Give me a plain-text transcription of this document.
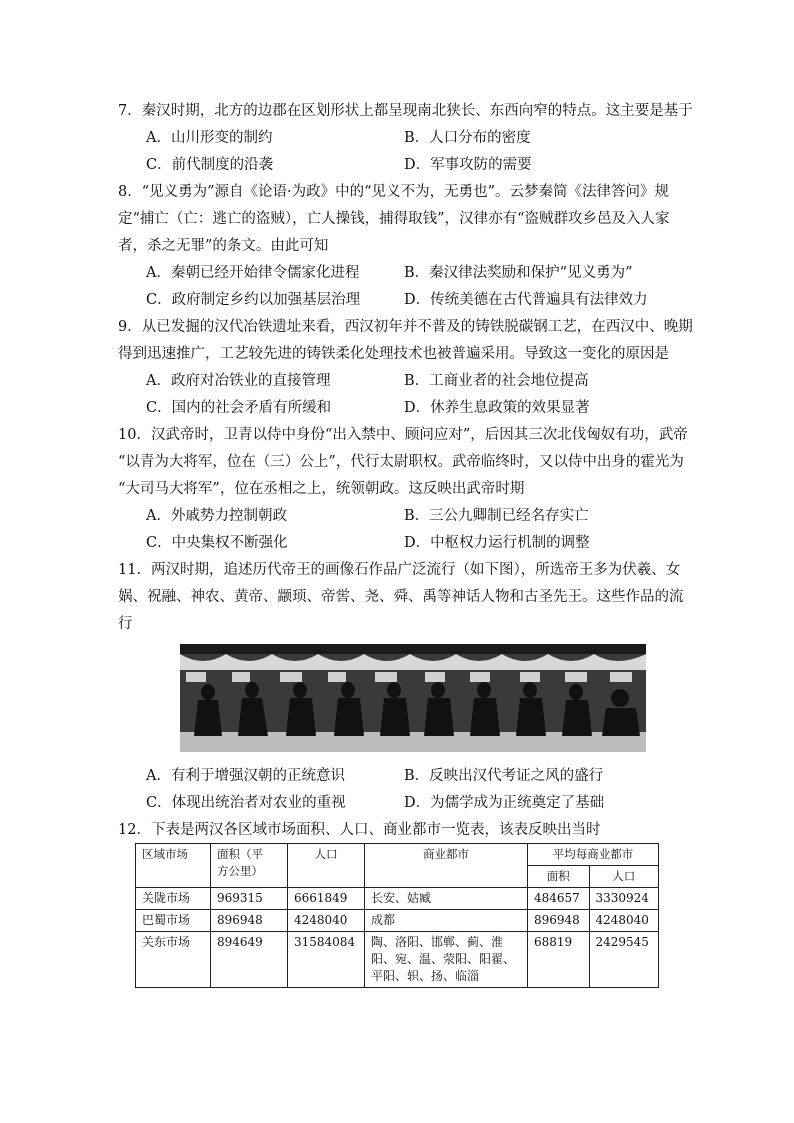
7．秦汉时期，北方的边郡在区划形状上都呈现南北狭长、东西向窄的特点。这主要是基于
A．山川形变的制约	B．人口分布的密度
C．前代制度的沿袭	D．军事攻防的需要
8．“见义勇为”源自《论语·为政》中的“见义不为，无勇也”。云梦秦简《法律答问》规
定“捕亡（亡：逃亡的盗贼），亡人操钱，捕得取钱”，汉律亦有“盗贼群攻乡邑及入人家
者，杀之无罪”的条文。由此可知
A．秦朝已经开始律令儒家化进程	B．秦汉律法奖励和保护“见义勇为”
C．政府制定乡约以加强基层治理	D．传统美德在古代普遍具有法律效力
9．从已发掘的汉代冶铁遗址来看，西汉初年并不普及的铸铁脱碳钢工艺，在西汉中、晚期
得到迅速推广，工艺较先进的铸铁柔化处理技术也被普遍采用。导致这一变化的原因是
A．政府对冶铁业的直接管理	B．工商业者的社会地位提高
C．国内的社会矛盾有所缓和	D．休养生息政策的效果显著
10．汉武帝时，卫青以侍中身份“出入禁中、顾问应对”，后因其三次北伐匈奴有功，武帝
“以青为大将军，位在（三）公上”，代行太尉职权。武帝临终时，又以侍中出身的霍光为
“大司马大将军”，位在丞相之上，统领朝政。这反映出武帝时期
A．外戚势力控制朝政	B．三公九卿制已经名存实亡
C．中央集权不断强化	D．中枢权力运行机制的调整
11．两汉时期，追述历代帝王的画像石作品广泛流行（如下图），所选帝王多为伏羲、女
娲、祝融、神农、黄帝、颛顼、帝喾、尧、舜、禹等神话人物和古圣先王。这些作品的流
行
A．有利于增强汉朝的正统意识	B．反映出汉代考证之风的盛行
C．体现出统治者对农业的重视	D．为儒学成为正统奠定了基础
12．下表是两汉各区域市场面积、人口、商业都市一览表，该表反映出当时
区域市场	面积（平
方公里）	人口	商业都市	平均每商业都市	
				面积	人口
关陇市场	969315	6661849	长安、姑臧	484657	3330924
巴蜀市场	896948	4248040	成都	896948	4248040
关东市场	894649	31584084	陶、洛阳、邯郸、蓟、淮
阳、宛、温、荥阳、阳翟、
平阳、轵、扬、临淄	68819	2429545
